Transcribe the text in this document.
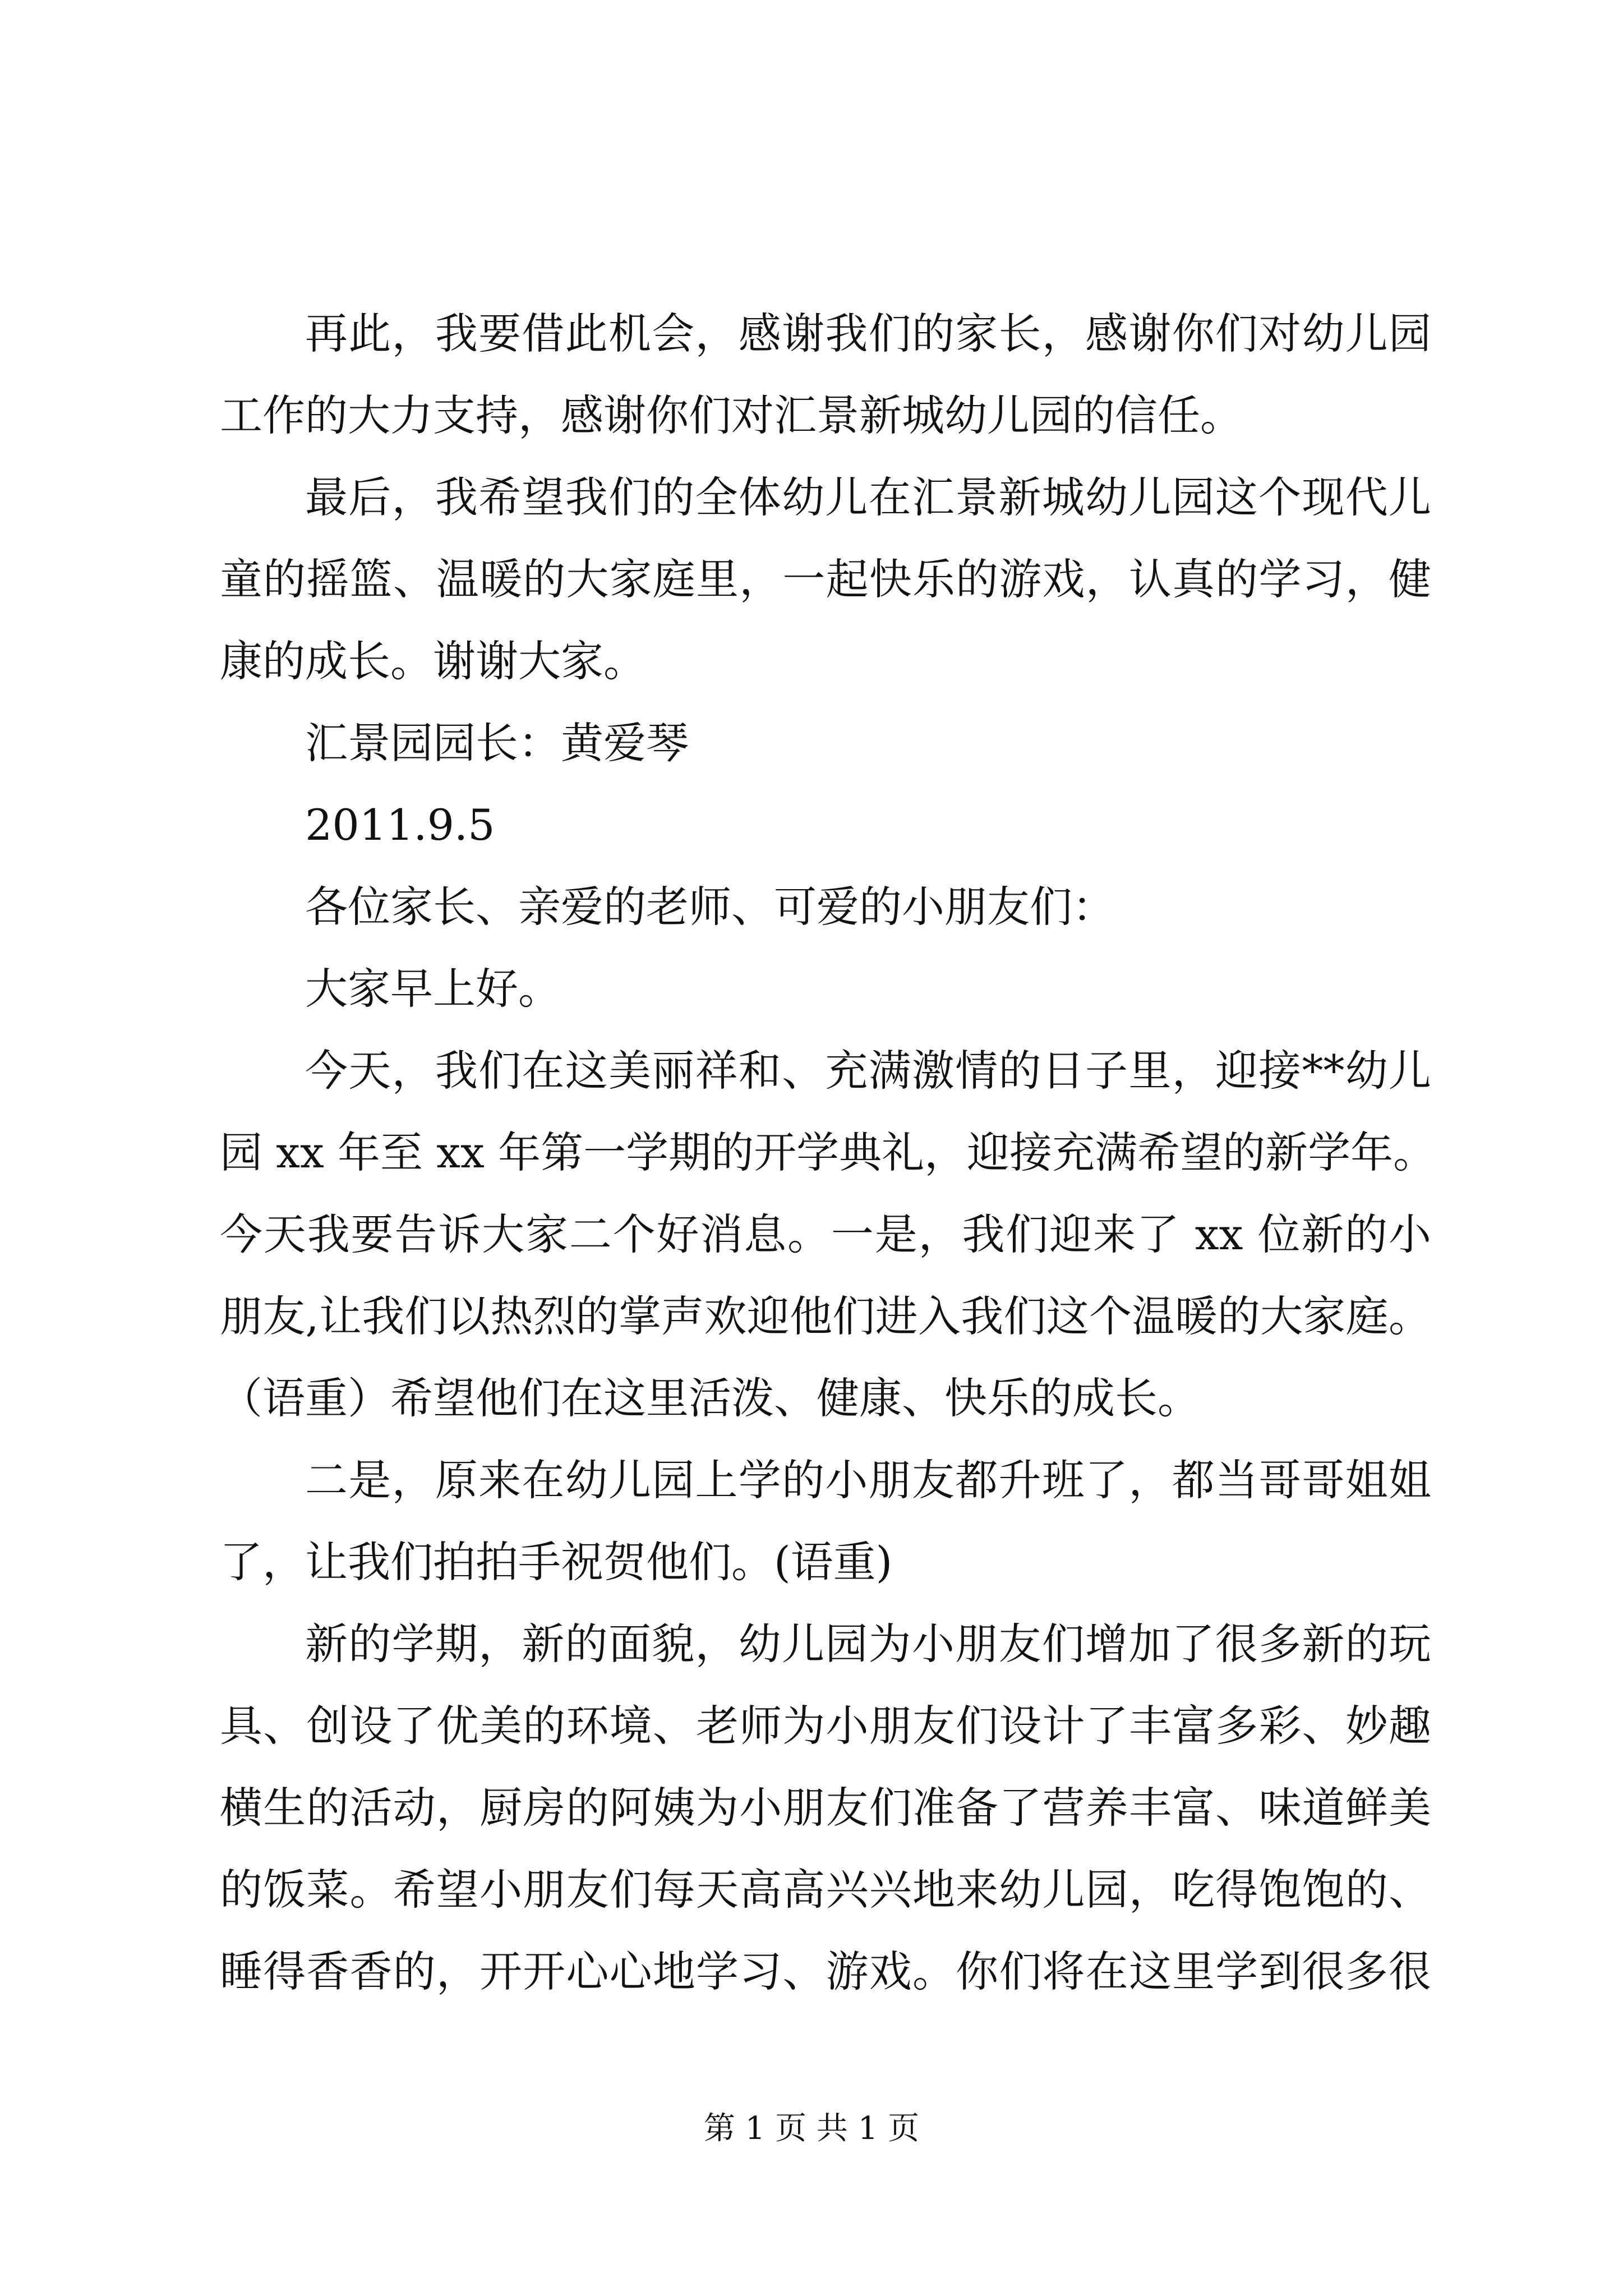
再此，我要借此机会，感谢我们的家长，感谢你们对幼儿园
工作的大力支持，感谢你们对汇景新城幼儿园的信任。
最后，我希望我们的全体幼儿在汇景新城幼儿园这个现代儿
童的摇篮、温暖的大家庭里，一起快乐的游戏，认真的学习，健
康的成长。谢谢大家。
汇景园园长：黄爱琴
2011.9.5
各位家长、亲爱的老师、可爱的小朋友们：
大家早上好。
今天，我们在这美丽祥和、充满激情的日子里，迎接**幼儿
园 xx 年至 xx 年第一学期的开学典礼，迎接充满希望的新学年。
今天我要告诉大家二个好消息。一是，我们迎来了 xx 位新的小
朋友,让我们以热烈的掌声欢迎他们进入我们这个温暖的大家庭。
（语重）希望他们在这里活泼、健康、快乐的成长。
二是，原来在幼儿园上学的小朋友都升班了，都当哥哥姐姐
了，让我们拍拍手祝贺他们。(语重)
新的学期，新的面貌，幼儿园为小朋友们增加了很多新的玩
具、创设了优美的环境、老师为小朋友们设计了丰富多彩、妙趣
横生的活动，厨房的阿姨为小朋友们准备了营养丰富、味道鲜美
的饭菜。希望小朋友们每天高高兴兴地来幼儿园，吃得饱饱的、
睡得香香的，开开心心地学习、游戏。你们将在这里学到很多很
第 1 页 共 1 页
